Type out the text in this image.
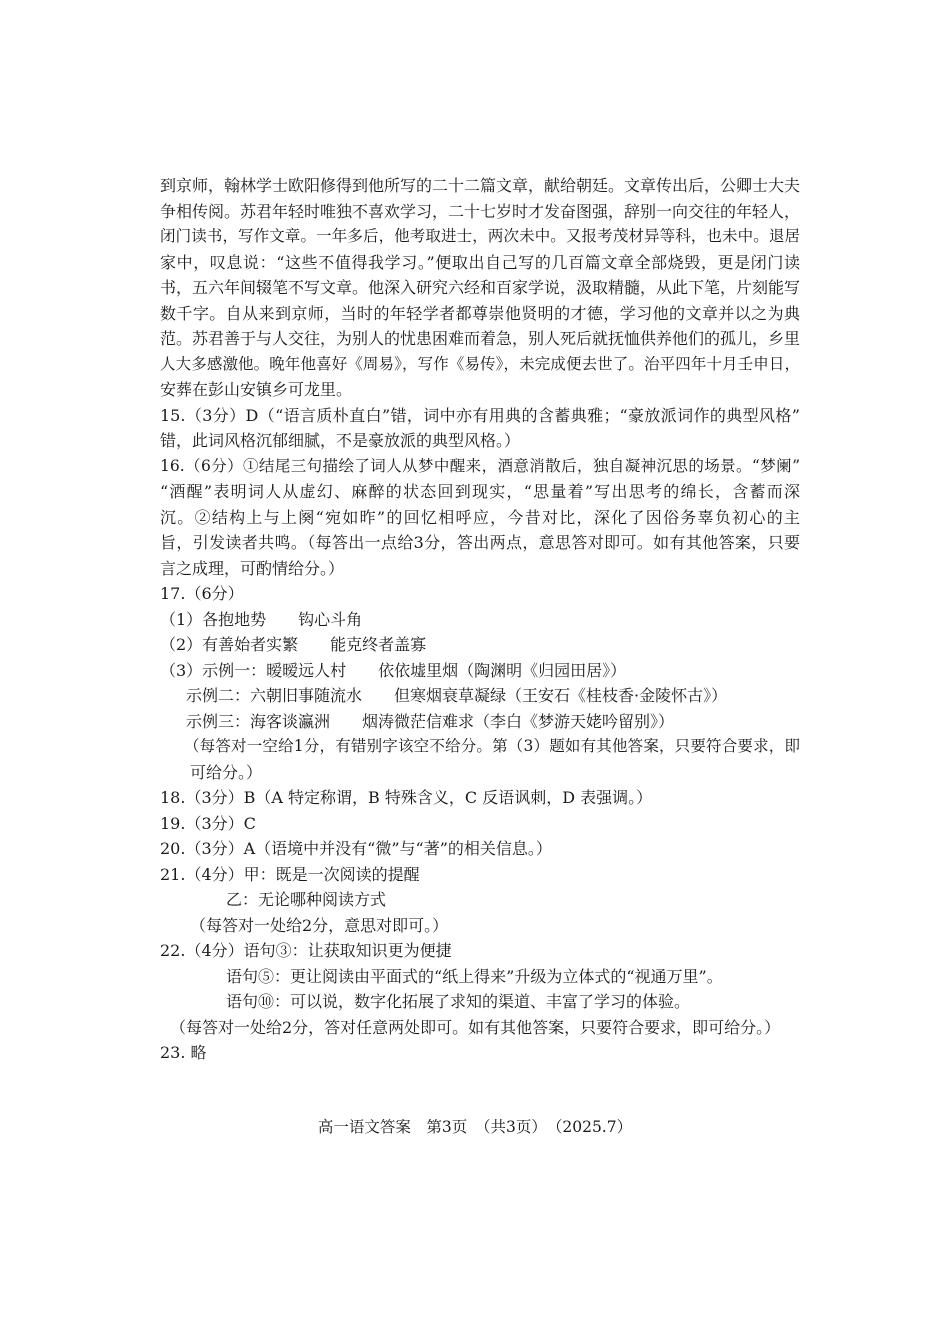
到京师，翰林学士欧阳修得到他所写的二十二篇文章，献给朝廷。文章传出后，公卿士大夫
争相传阅。苏君年轻时唯独不喜欢学习，二十七岁时才发奋图强，辞别一向交往的年轻人，
闭门读书，写作文章。一年多后，他考取进士，两次未中。又报考茂材异等科，也未中。退居
家中，叹息说：“这些不值得我学习。”便取出自己写的几百篇文章全部烧毁，更是闭门读
书，五六年间辍笔不写文章。他深入研究六经和百家学说，汲取精髓，从此下笔，片刻能写
数千字。自从来到京师，当时的年轻学者都尊崇他贤明的才德，学习他的文章并以之为典
范。苏君善于与人交往，为别人的忧患困难而着急，别人死后就抚恤供养他们的孤儿，乡里
人大多感激他。晚年他喜好《周易》，写作《易传》，未完成便去世了。治平四年十月壬申日，
安葬在彭山安镇乡可龙里。
15.（3分）D（“语言质朴直白”错，词中亦有用典的含蓄典雅；“豪放派词作的典型风格”
错，此词风格沉郁细腻，不是豪放派的典型风格。）
16.（6分）①结尾三句描绘了词人从梦中醒来，酒意消散后，独自凝神沉思的场景。“梦阑”
“酒醒”表明词人从虚幻、麻醉的状态回到现实，“思量着”写出思考的绵长，含蓄而深
沉。②结构上与上阕“宛如昨”的回忆相呼应，今昔对比，深化了因俗务辜负初心的主
旨，引发读者共鸣。（每答出一点给3分，答出两点，意思答对即可。如有其他答案，只要
言之成理，可酌情给分。）
17.（6分）
（1）各抱地势　　钩心斗角
（2）有善始者实繁　　能克终者盖寡
（3）示例一：暧暧远人村　　依依墟里烟（陶渊明《归园田居》）
示例二：六朝旧事随流水　　但寒烟衰草凝绿（王安石《桂枝香·金陵怀古》）
示例三：海客谈瀛洲　　烟涛微茫信难求（李白《梦游天姥吟留别》）
（每答对一空给1分，有错别字该空不给分。第（3）题如有其他答案，只要符合要求，即
可给分。）
18.（3分）B（A 特定称谓，B 特殊含义，C 反语讽刺，D 表强调。）
19.（3分）C
20.（3分）A（语境中并没有“微”与“著”的相关信息。）
21.（4分）甲：既是一次阅读的提醒
乙：无论哪种阅读方式
（每答对一处给2分，意思对即可。）
22.（4分）语句③：让获取知识更为便捷
语句⑤：更让阅读由平面式的“纸上得来”升级为立体式的“视通万里”。
语句⑩：可以说，数字化拓展了求知的渠道、丰富了学习的体验。
（每答对一处给2分，答对任意两处即可。如有其他答案，只要符合要求，即可给分。）
23. 略
高一语文答案　第3页　（共3页）　（2025.7）
